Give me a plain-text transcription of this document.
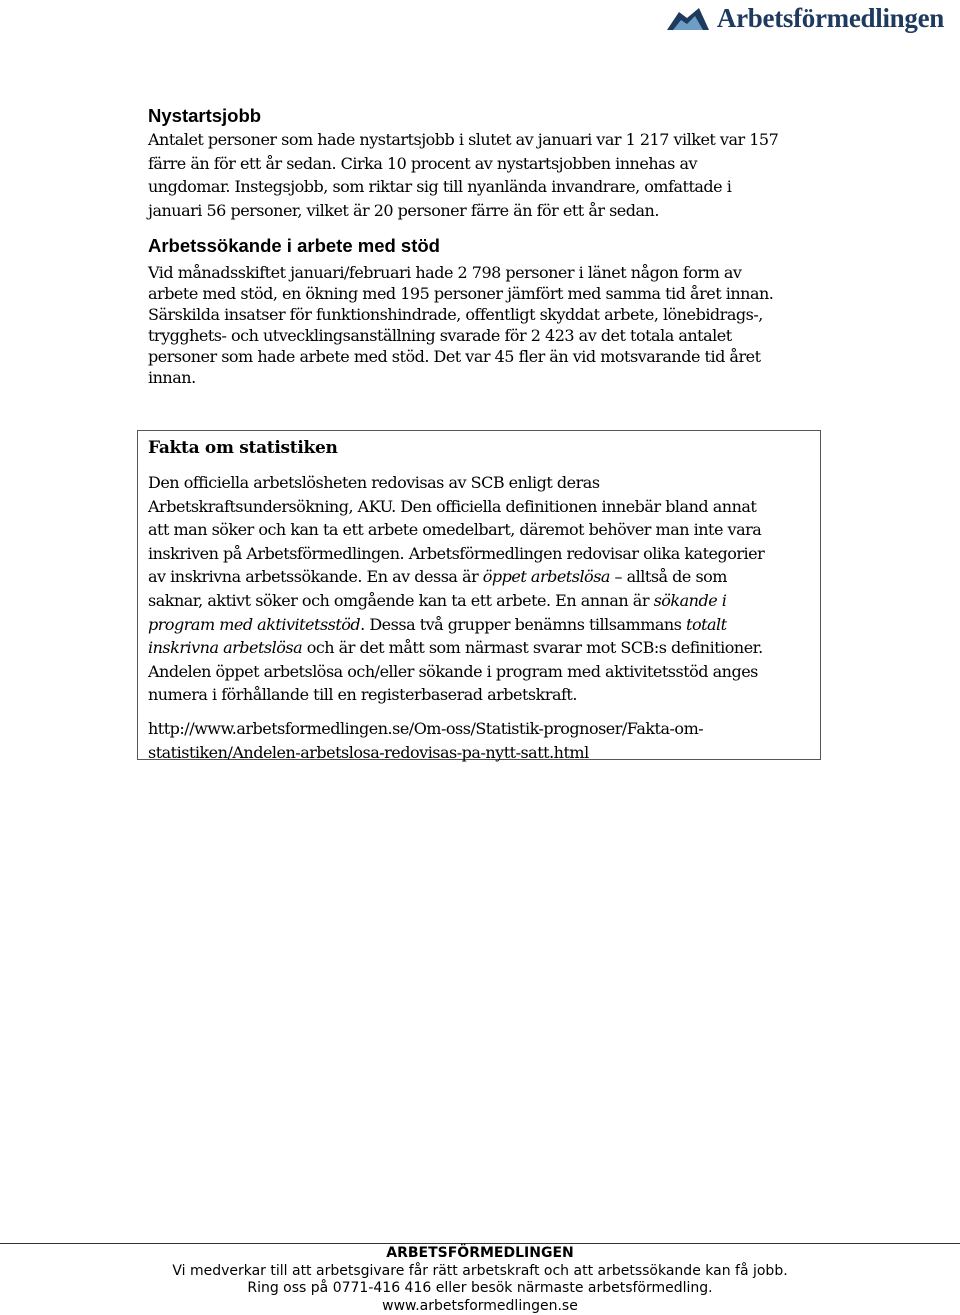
Arbetsförmedlingen
Nystartsjobb

Antalet personer som hade nystartsjobb i slutet av januari var 1 217 vilket var 157

färre än för ett år sedan. Cirka 10 procent av nystartsjobben innehas av

ungdomar. Instegsjobb, som riktar sig till nyanlända invandrare, omfattade i

januari 56 personer, vilket är 20 personer färre än för ett år sedan.

Arbetssökande i arbete med stöd

Vid månadsskiftet januari/februari hade 2 798 personer i länet någon form av

arbete med stöd, en ökning med 195 personer jämfört med samma tid året innan.

Särskilda insatser för funktionshindrade, offentligt skyddat arbete, lönebidrags-,

trygghets- och utvecklingsanställning svarade för 2 423 av det totala antalet

personer som hade arbete med stöd. Det var 45 fler än vid motsvarande tid året

innan.

Fakta om statistiken

Den officiella arbetslösheten redovisas av SCB enligt deras

Arbetskraftsundersökning, AKU. Den officiella definitionen innebär bland annat

att man söker och kan ta ett arbete omedelbart, däremot behöver man inte vara

inskriven på Arbetsförmedlingen. Arbetsförmedlingen redovisar olika kategorier

av inskrivna arbetssökande. En av dessa är öppet arbetslösa – alltså de som

saknar, aktivt söker och omgående kan ta ett arbete. En annan är sökande i

program med aktivitetsstöd. Dessa två grupper benämns tillsammans totalt

inskrivna arbetslösa och är det mått som närmast svarar mot SCB:s definitioner.

Andelen öppet arbetslösa och/eller sökande i program med aktivitetsstöd anges

numera i förhållande till en registerbaserad arbetskraft.

http://www.arbetsformedlingen.se/Om-oss/Statistik-prognoser/Fakta-om-

statistiken/Andelen-arbetslosa-redovisas-pa-nytt-satt.html

ARBETSFÖRMEDLINGEN
Vi medverkar till att arbetsgivare får rätt arbetskraft och att arbetssökande kan få jobb.
Ring oss på 0771-416 416 eller besök närmaste arbetsförmedling.
www.arbetsformedlingen.se
